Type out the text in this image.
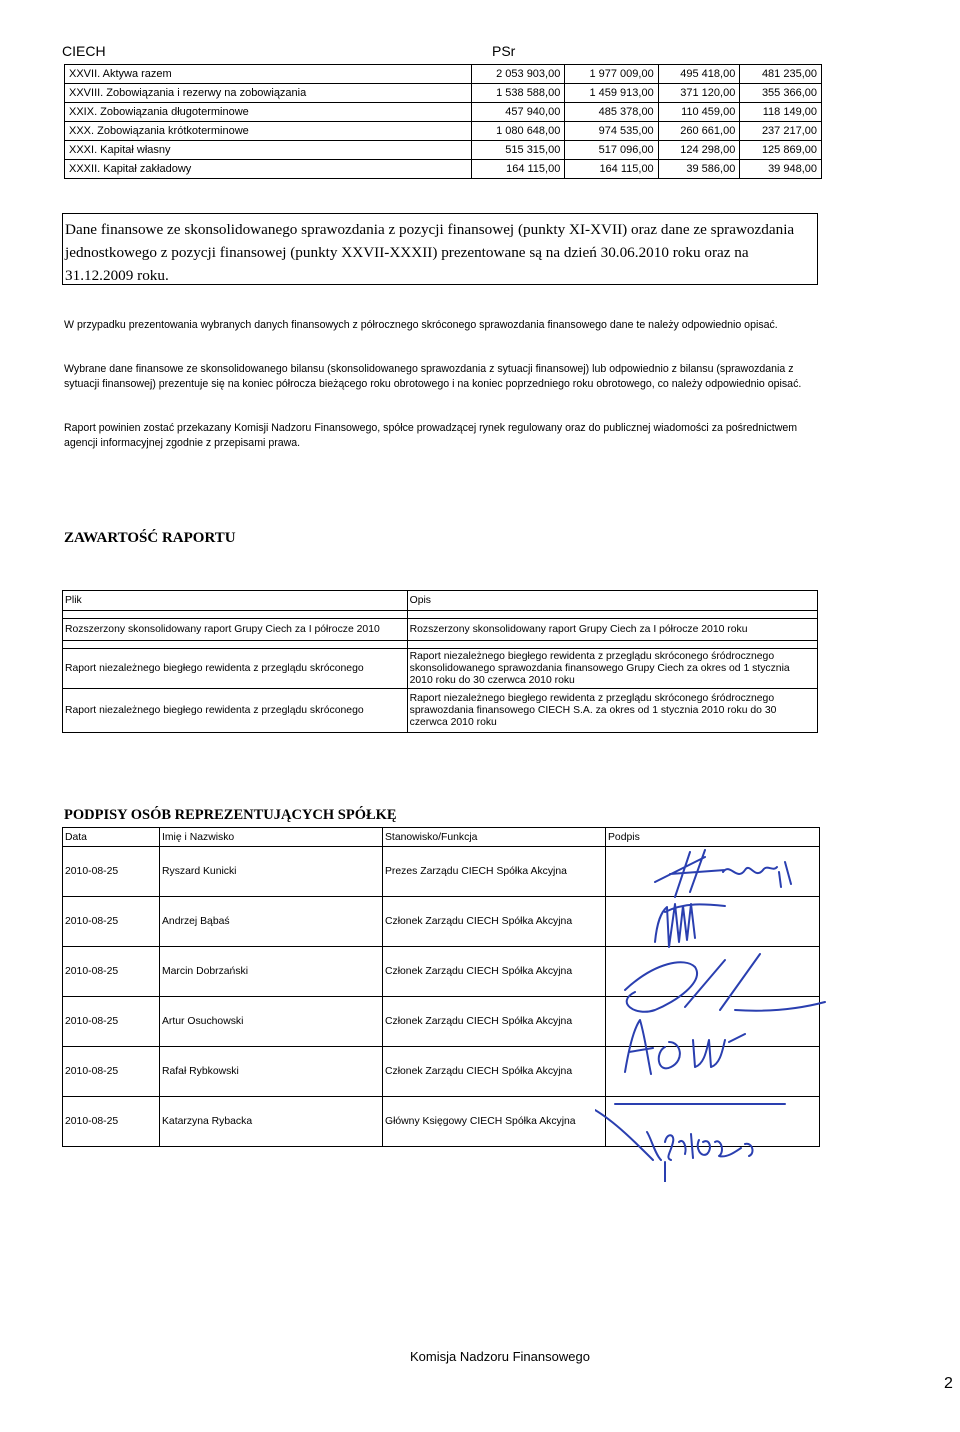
CIECH	PSr
XXVII. Aktywa razem	2 053 903,00	1 977 009,00	495 418,00	481 235,00
XXVIII. Zobowiązania i rezerwy na zobowiązania	1 538 588,00	1 459 913,00	371 120,00	355 366,00
XXIX. Zobowiązania długoterminowe	457 940,00	485 378,00	110 459,00	118 149,00
XXX. Zobowiązania krótkoterminowe	1 080 648,00	974 535,00	260 661,00	237 217,00
XXXI. Kapitał własny	515 315,00	517 096,00	124 298,00	125 869,00
XXXII. Kapitał zakładowy	164 115,00	164 115,00	39 586,00	39 948,00
Dane finansowe ze skonsolidowanego sprawozdania z pozycji finansowej (punkty XI-XVII) oraz dane ze sprawozdania jednostkowego z pozycji finansowej (punkty XXVII-XXXII) prezentowane są na dzień 30.06.2010 roku oraz na 31.12.2009 roku.
W przypadku prezentowania wybranych danych finansowych z półrocznego skróconego sprawozdania finansowego dane te należy odpowiednio opisać.
Wybrane dane finansowe ze skonsolidowanego bilansu (skonsolidowanego sprawozdania z sytuacji finansowej) lub odpowiednio z bilansu (sprawozdania z sytuacji finansowej) prezentuje się na koniec półrocza bieżącego roku obrotowego i na koniec poprzedniego roku obrotowego, co należy odpowiednio opisać.
Raport powinien zostać przekazany Komisji Nadzoru Finansowego, spółce prowadzącej rynek regulowany oraz do publicznej wiadomości za pośrednictwem agencji informacyjnej zgodnie z przepisami prawa.
ZAWARTOŚĆ RAPORTU
Plik	Opis

Rozszerzony skonsolidowany raport Grupy Ciech za I półrocze 2010	Rozszerzony skonsolidowany raport Grupy Ciech za I półrocze 2010 roku

Raport niezależnego biegłego rewidenta z przeglądu skróconego	Raport niezależnego biegłego rewidenta z przeglądu skróconego śródrocznego skonsolidowanego sprawozdania finansowego Grupy Ciech za okres od 1 stycznia 2010 roku do 30 czerwca 2010 roku
Raport niezależnego biegłego rewidenta z przeglądu skróconego	Raport niezależnego biegłego rewidenta z przeglądu skróconego śródrocznego sprawozdania finansowego CIECH S.A. za okres od 1 stycznia 2010 roku do 30 czerwca 2010 roku
PODPISY OSÓB REPREZENTUJĄCYCH SPÓŁKĘ
Data	Imię i Nazwisko	Stanowisko/Funkcja	Podpis
2010-08-25	Ryszard Kunicki	Prezes Zarządu CIECH Spółka Akcyjna	
2010-08-25	Andrzej Bąbaś	Członek Zarządu CIECH Spółka Akcyjna	
2010-08-25	Marcin Dobrzański	Członek Zarządu CIECH Spółka Akcyjna	
2010-08-25	Artur Osuchowski	Członek Zarządu CIECH Spółka Akcyjna	
2010-08-25	Rafał Rybkowski	Członek Zarządu CIECH Spółka Akcyjna	
2010-08-25	Katarzyna Rybacka	Główny Księgowy CIECH Spółka Akcyjna	
Komisja Nadzoru Finansowego
2
